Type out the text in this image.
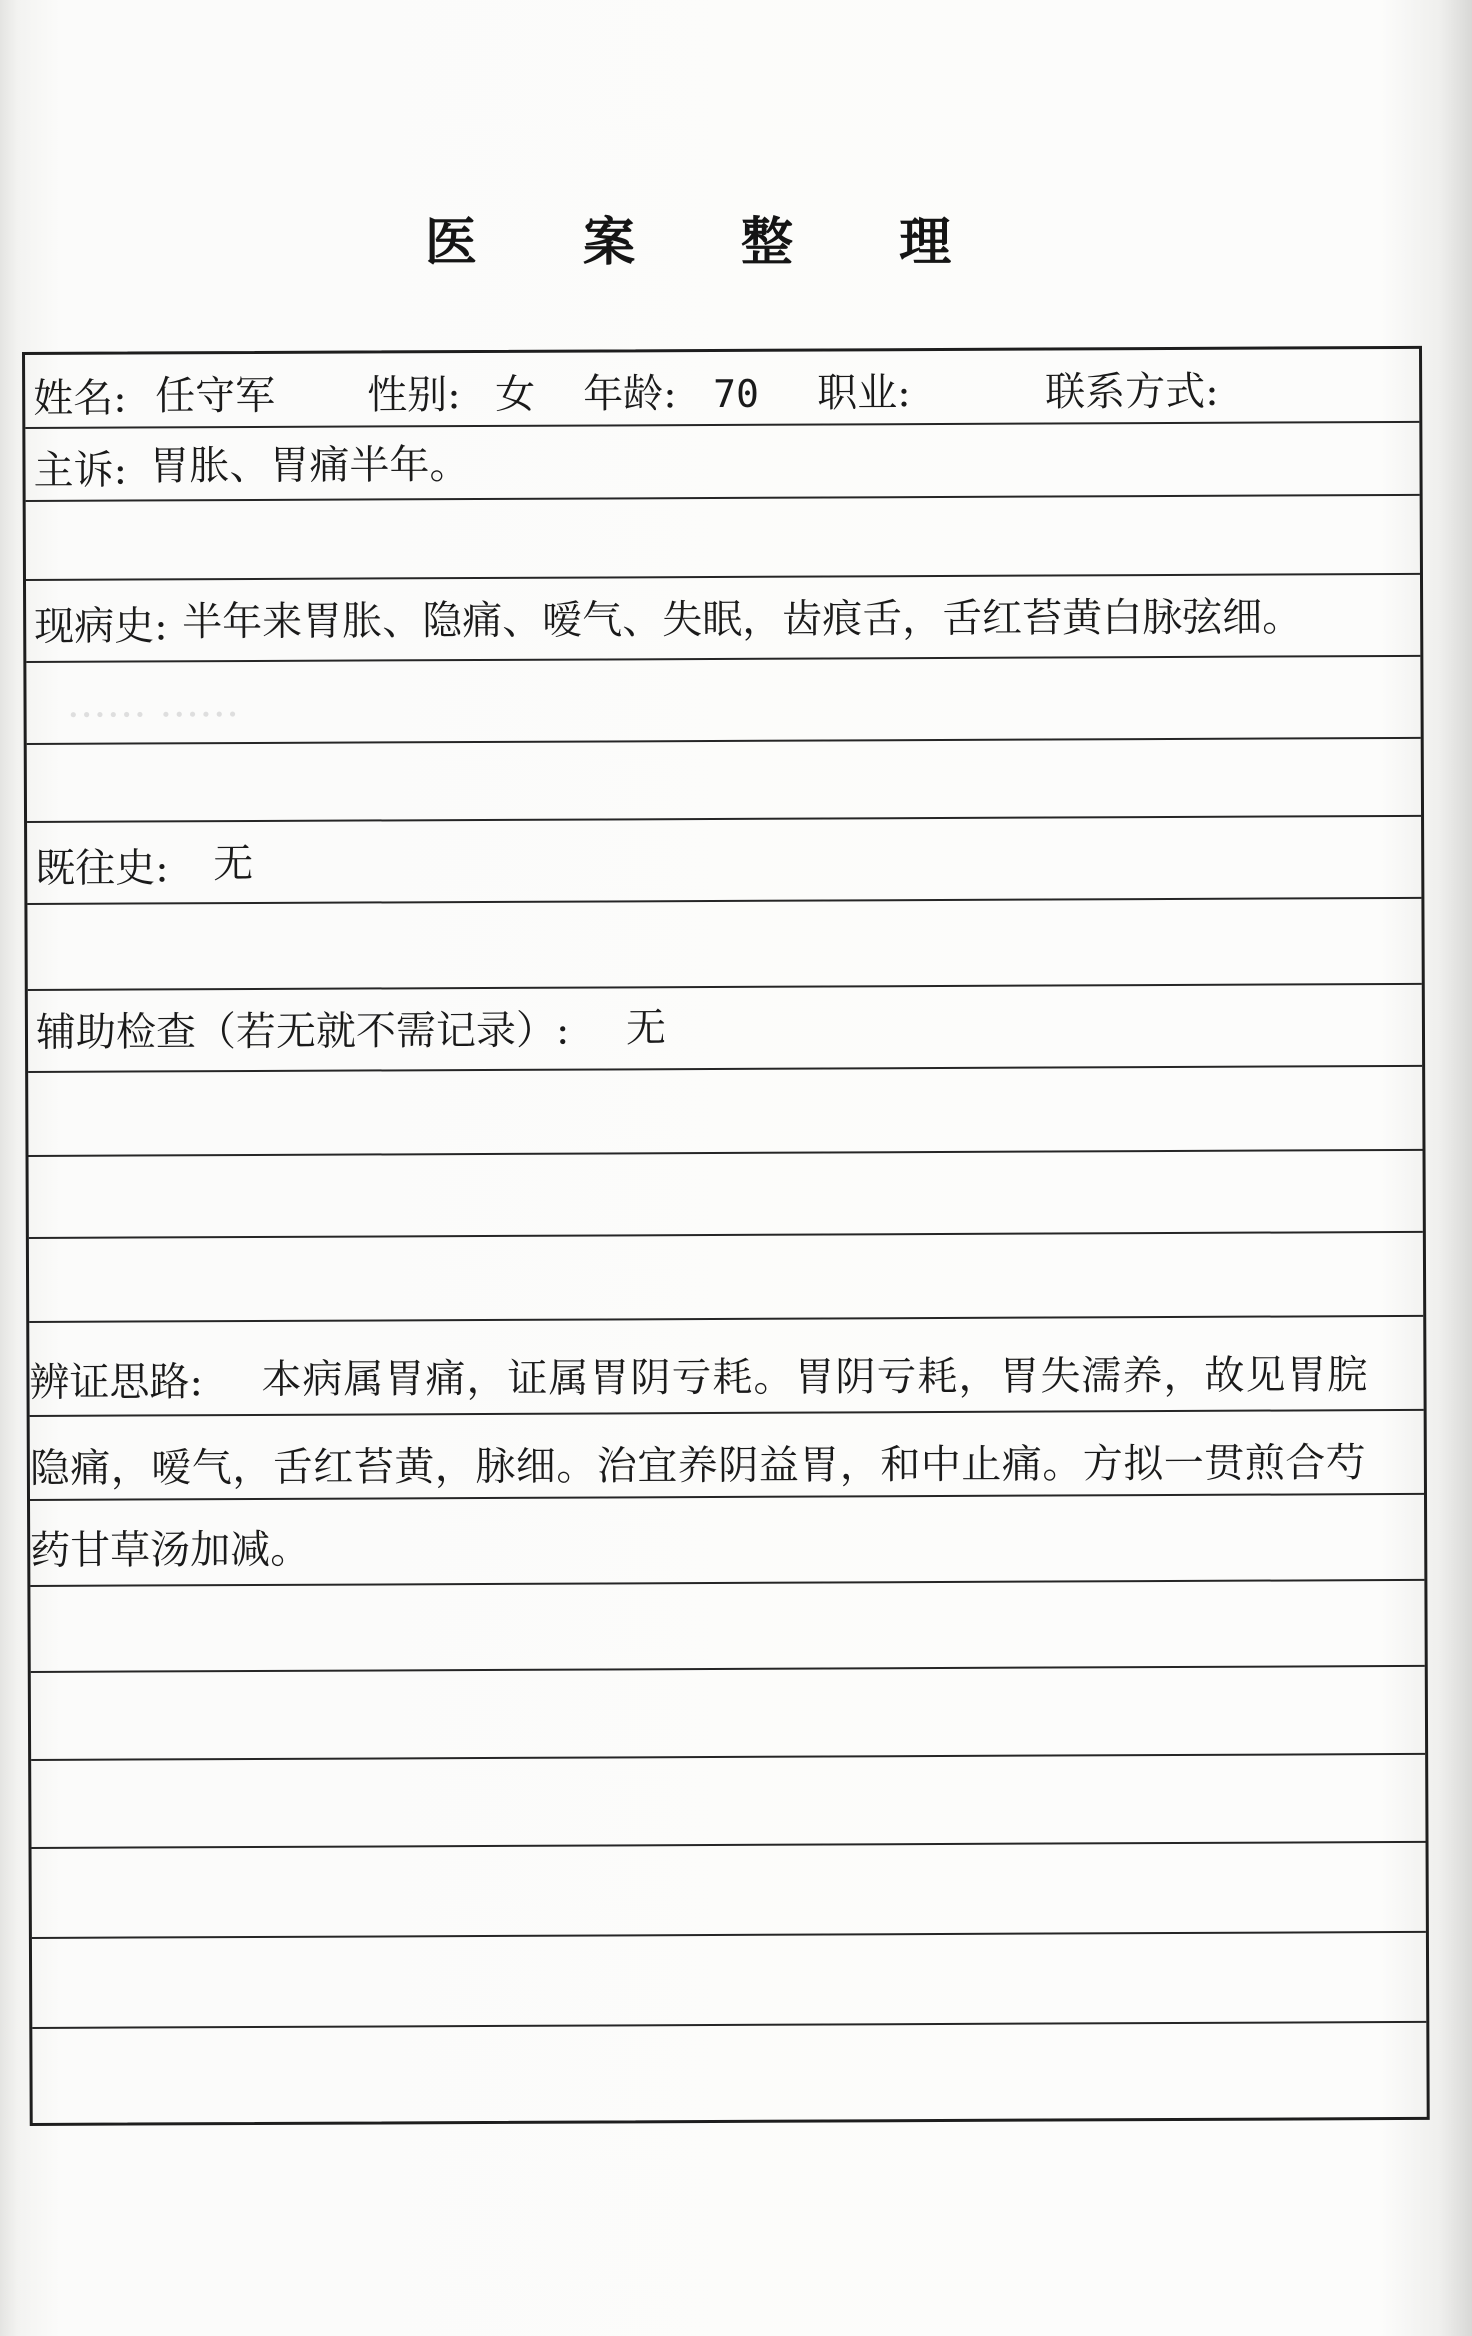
医 案 整 理
姓名: 任守军 性别: 女 年龄: 70 职业:	联系方式:
主诉: 胃胀、胃痛半年。
现病史: 半年来胃胀、隐痛、嗳气、失眠，齿痕舌，舌红苔黄白脉弦细。
…… ……
既往史: 无
辅助检查（若无就不需记录）: 无
辨证思路: 本病属胃痛，证属胃阴亏耗。胃阴亏耗，胃失濡养，故见胃脘
隐痛，嗳气，舌红苔黄，脉细。治宜养阴益胃，和中止痛。方拟一贯煎合芍
药甘草汤加减。
